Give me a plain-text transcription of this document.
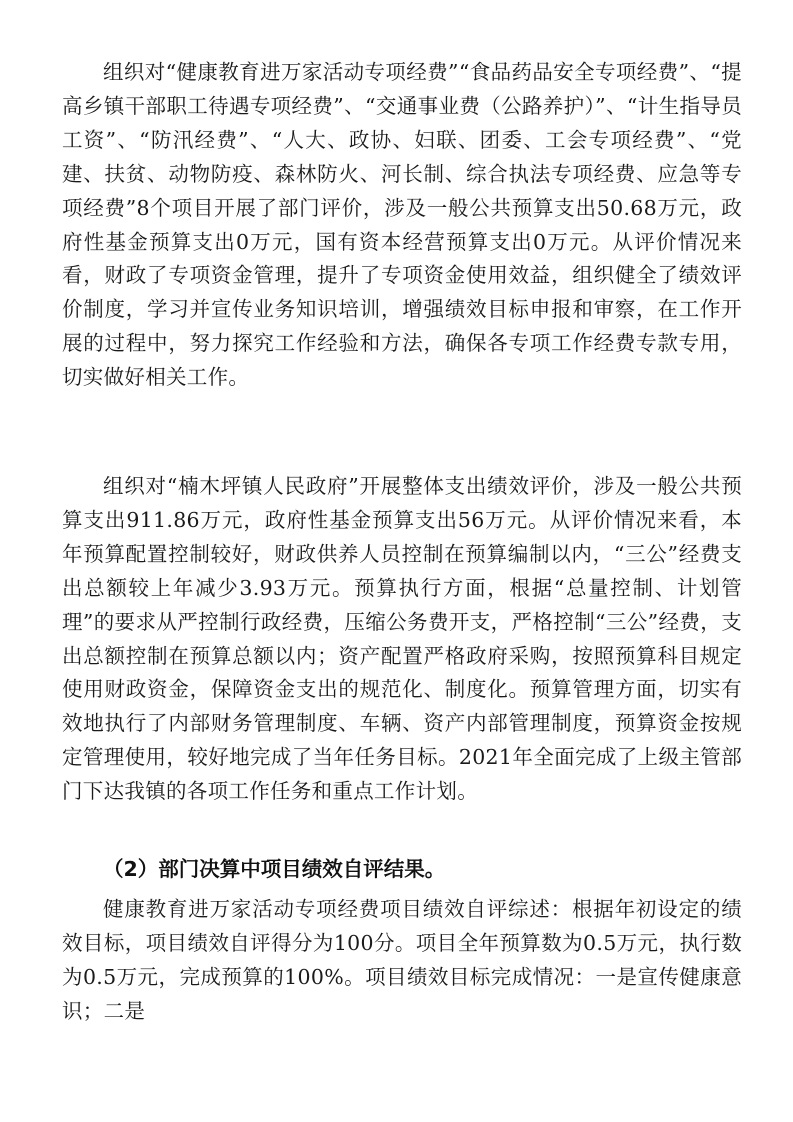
组织对“健康教育进万家活动专项经费”“食品药品安全专项经费”、“提高乡镇干部职工待遇专项经费”、“交通事业费（公路养护）”、“计生指导员工资”、“防汛经费”、“人大、政协、妇联、团委、工会专项经费”、“党建、扶贫、动物防疫、森林防火、河长制、综合执法专项经费、应急等专项经费”8个项目开展了部门评价，涉及一般公共预算支出50.68万元，政府性基金预算支出0万元，国有资本经营预算支出0万元。从评价情况来看，财政了专项资金管理，提升了专项资金使用效益，组织健全了绩效评价制度，学习并宣传业务知识培训，增强绩效目标申报和审察，在工作开展的过程中，努力探究工作经验和方法，确保各专项工作经费专款专用，切实做好相关工作。

组织对“楠木坪镇人民政府”开展整体支出绩效评价，涉及一般公共预算支出911.86万元，政府性基金预算支出56万元。从评价情况来看，本年预算配置控制较好，财政供养人员控制在预算编制以内，“三公”经费支出总额较上年减少3.93万元。预算执行方面，根据“总量控制、计划管理”的要求从严控制行政经费，压缩公务费开支，严格控制“三公”经费，支出总额控制在预算总额以内；资产配置严格政府采购，按照预算科目规定使用财政资金，保障资金支出的规范化、制度化。预算管理方面，切实有效地执行了内部财务管理制度、车辆、资产内部管理制度，预算资金按规定管理使用，较好地完成了当年任务目标。2021年全面完成了上级主管部门下达我镇的各项工作任务和重点工作计划。

（2）部门决算中项目绩效自评结果。

健康教育进万家活动专项经费项目绩效自评综述：根据年初设定的绩效目标，项目绩效自评得分为100分。项目全年预算数为0.5万元，执行数为0.5万元，完成预算的100%。项目绩效目标完成情况：一是宣传健康意识；二是
